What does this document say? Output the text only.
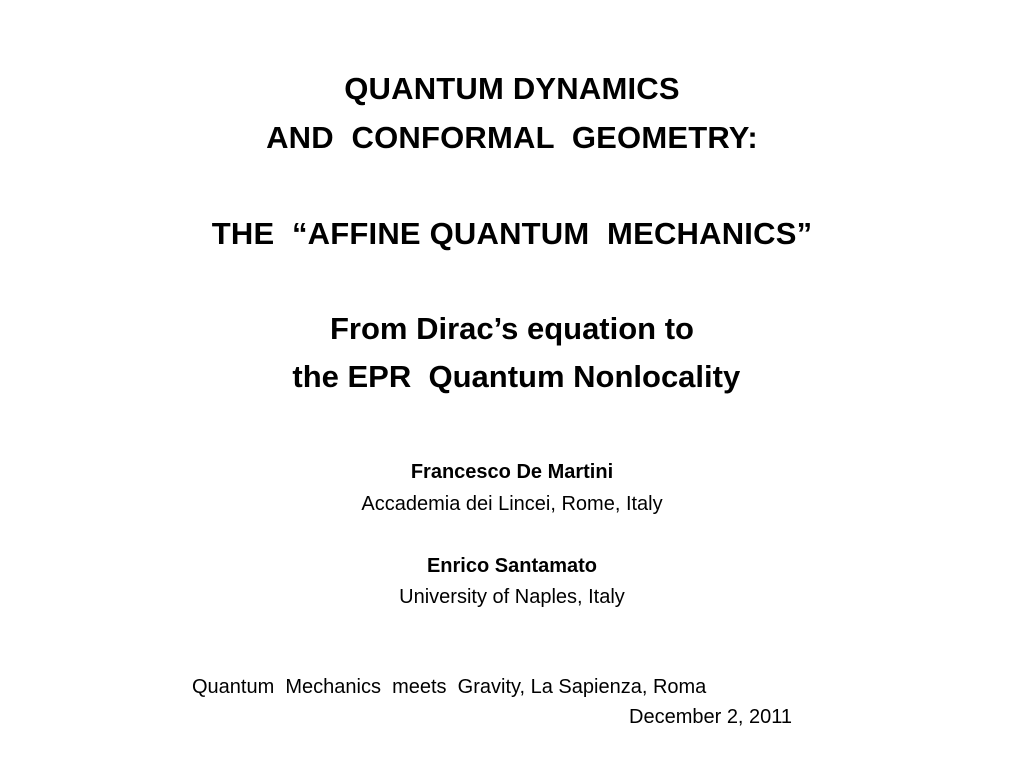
QUANTUM DYNAMICS
AND  CONFORMAL  GEOMETRY:
THE  “AFFINE QUANTUM  MECHANICS”
From Dirac’s equation to
the EPR  Quantum Nonlocality
Francesco De Martini
Accademia dei Lincei, Rome, Italy
Enrico Santamato
University of Naples, Italy
Quantum  Mechanics  meets  Gravity, La Sapienza, Roma
December 2, 2011
